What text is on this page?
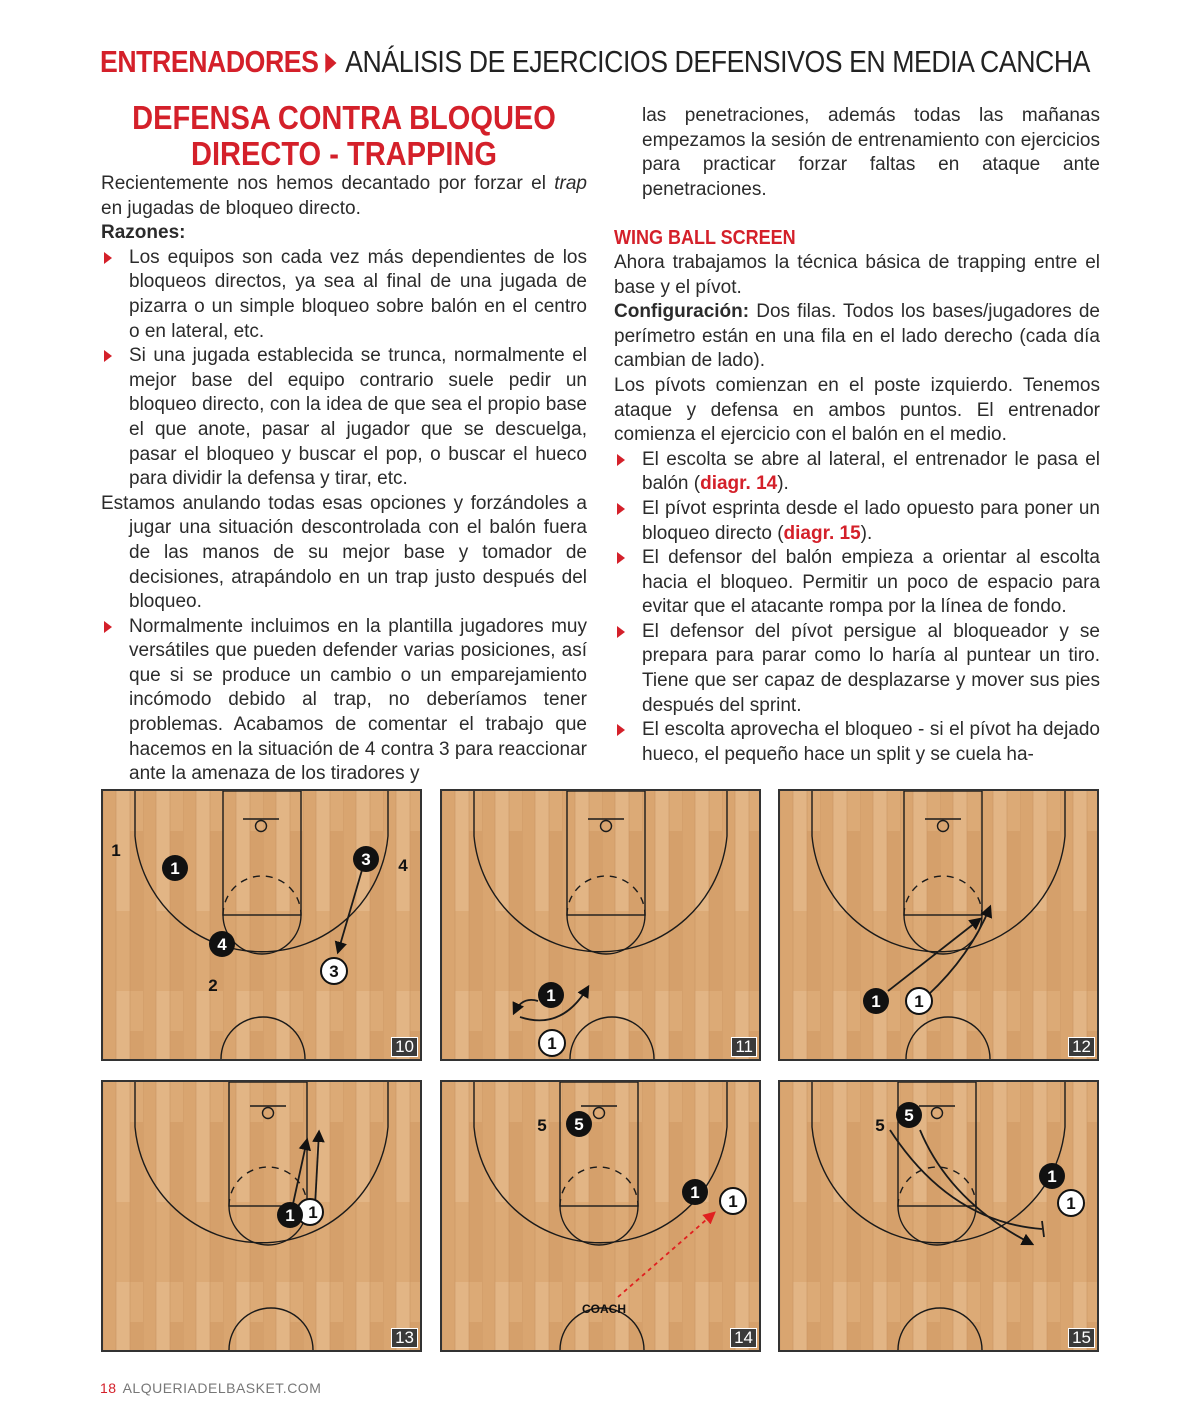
ENTRENADORES ANÁLISIS DE EJERCICIOS DEFENSIVOS EN MEDIA CANCHA
DEFENSA CONTRA BLOQUEO
DIRECTO - TRAPPING

Recientemente nos hemos decantado por forzar el trap en jugadas de bloqueo directo.

Razones:

Los equipos son cada vez más dependientes de los bloqueos directos, ya sea al final de una jugada de pizarra o un simple bloqueo sobre balón en el centro o en lateral, etc.

Si una jugada establecida se trunca, normalmente el mejor base del equipo contrario suele pedir un bloqueo directo, con la idea de que sea el propio base el que anote, pasar al jugador que se descuelga, pasar el bloqueo y buscar el pop, o buscar el hueco para dividir la defensa y tirar, etc.

Estamos anulando todas esas opciones y forzándoles a jugar una situación descontrolada con el balón fuera de las manos de su mejor base y tomador de decisiones, atrapándolo en un trap justo después del bloqueo.

Normalmente incluimos en la plantilla jugadores muy versátiles que pueden defender varias posiciones, así que si se produce un cambio o un emparejamiento incómodo debido al trap, no deberíamos tener problemas. Acabamos de comentar el trabajo que hacemos en la situación de 4 contra 3 para reaccionar ante la amenaza de los tiradores y

las penetraciones, además todas las mañanas empezamos la sesión de entrenamiento con ejercicios para practicar forzar faltas en ataque ante penetraciones.

WING BALL SCREEN

Ahora trabajamos la técnica básica de trapping entre el base y el pívot.

Configuración: Dos filas. Todos los bases/jugadores de perímetro están en una fila en el lado derecho (cada día cambian de lado).

Los pívots comienzan en el poste izquierdo. Tenemos ataque y defensa en ambos puntos. El entrenador comienza el ejercicio con el balón en el medio.

El escolta se abre al lateral, el entrenador le pasa el balón (diagr. 14).

El pívot esprinta desde el lado opuesto para poner un bloqueo directo (diagr. 15).

El defensor del balón empieza a orientar al escolta hacia el bloqueo. Permitir un poco de espacio para evitar que el atacante rompa por la línea de fondo.

El defensor del pívot persigue al bloqueador y se prepara para parar como lo haría al puntear un tiro. Tiene que ser capaz de desplazarse y mover sus pies después del sprint.

El escolta aprovecha el bloqueo - si el pívot ha dejado hueco, el pequeño hace un split y se cuela ha-

1	3
4
3
1
4
2
10
1
1	11
1 1
12
1
1
13
5
5
1 1
COACH
14
5
5
1
1
15
18 ALQUERIADELBASKET.COM
